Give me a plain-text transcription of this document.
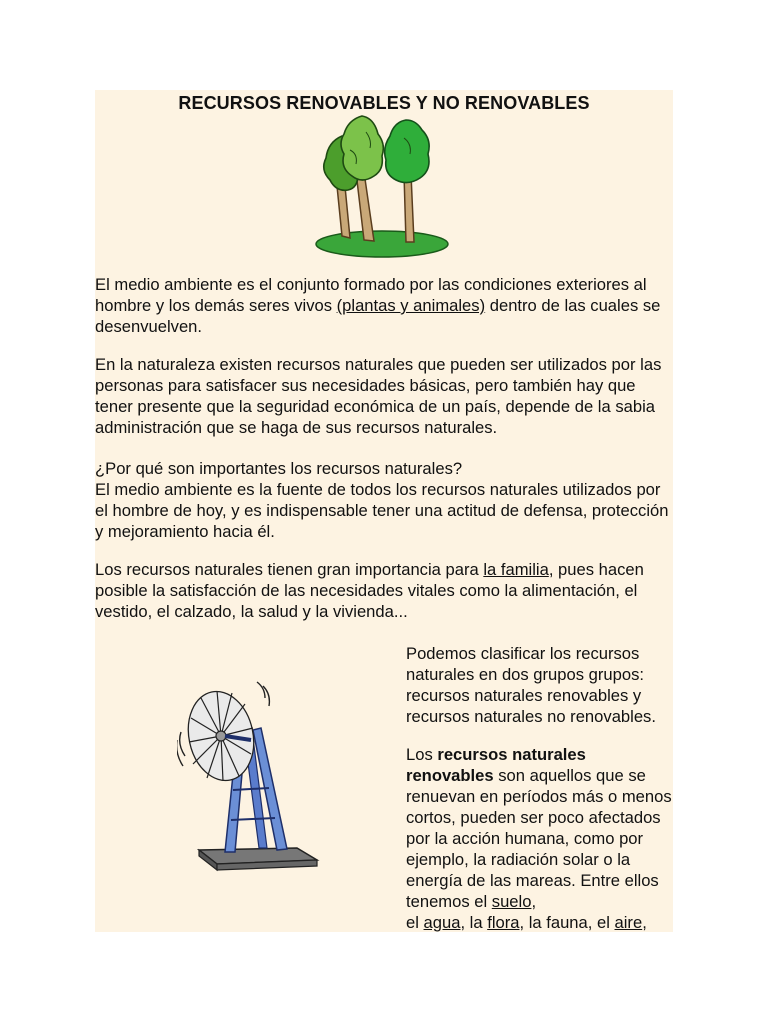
RECURSOS RENOVABLES Y NO RENOVABLES

El medio ambiente es el conjunto formado por las condiciones exteriores al hombre y los demás seres vivos (plantas y animales) dentro de las cuales se desenvuelven.

En la naturaleza existen recursos naturales que pueden ser utilizados por las personas para satisfacer sus necesidades básicas, pero también hay que tener presente que la seguridad económica de un país, depende de la sabia administración que se haga de sus recursos naturales.

¿Por qué son importantes los recursos naturales?
El medio ambiente es la fuente de todos los recursos naturales utilizados por el hombre de hoy, y es indispensable tener una actitud de defensa, protección y mejoramiento hacia él.

Los recursos naturales tienen gran importancia para la familia, pues hacen posible la satisfacción de las necesidades vitales como la alimentación, el vestido, el calzado, la salud y la vivienda...

Podemos clasificar los recursos naturales en dos grupos grupos: recursos naturales renovables y recursos naturales no renovables.

Los recursos naturales renovables son aquellos que se renuevan en períodos más o menos cortos, pueden ser poco afectados por la acción humana, como por ejemplo, la radiación solar o la energía de las mareas. Entre ellos tenemos el suelo,
el agua, la flora, la fauna, el aire,
